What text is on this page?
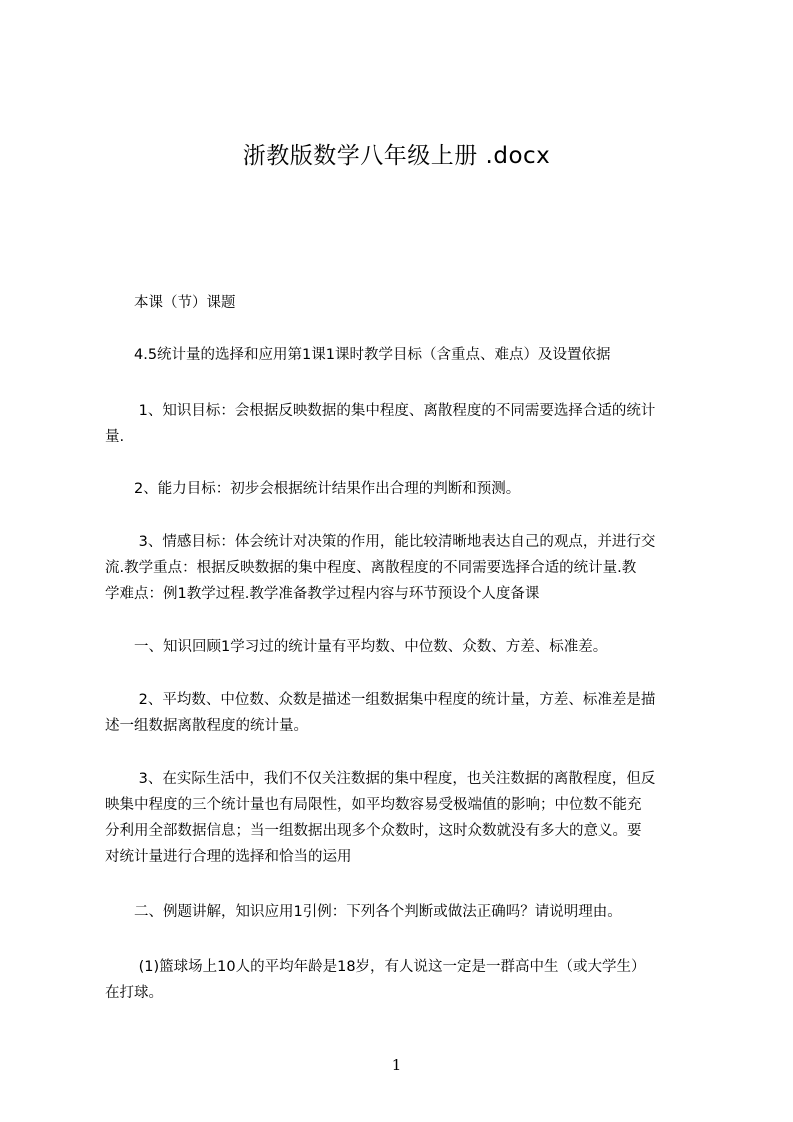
浙教版数学八年级上册 .docx

　　本课（节）课题

　　4.5统计量的选择和应用第1课1课时教学目标（含重点、难点）及设置依据

　　 1、知识目标：会根据反映数据的集中程度、离散程度的不同需要选择合适的统计
量.

　　2、能力目标：初步会根据统计结果作出合理的判断和预测。

　　 3、情感目标：体会统计对决策的作用，能比较清晰地表达自己的观点，并进行交
流.教学重点：根据反映数据的集中程度、离散程度的不同需要选择合适的统计量.教
学难点：例1教学过程.教学准备教学过程内容与环节预设个人度备课

　　一、知识回顾1学习过的统计量有平均数、中位数、众数、方差、标准差。

　　 2、平均数、中位数、众数是描述一组数据集中程度的统计量，方差、标准差是描
述一组数据离散程度的统计量。

　　 3、在实际生活中，我们不仅关注数据的集中程度，也关注数据的离散程度，但反
映集中程度的三个统计量也有局限性，如平均数容易受极端值的影响；中位数不能充
分利用全部数据信息；当一组数据出现多个众数时，这时众数就没有多大的意义。要
对统计量进行合理的选择和恰当的运用

　　二、例题讲解，知识应用1引例：下列各个判断或做法正确吗？请说明理由。

　　 (1)篮球场上10人的平均年龄是18岁，有人说这一定是一群高中生（或大学生）
在打球。

1
